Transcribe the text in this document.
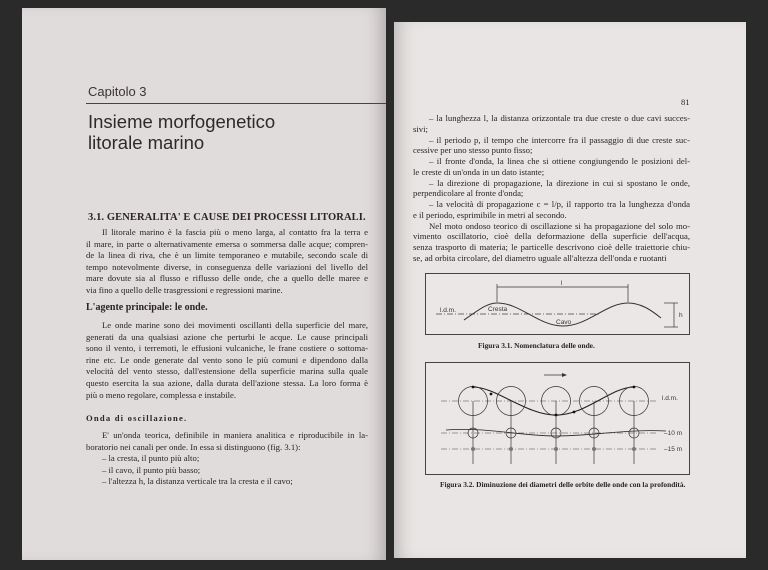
Capitolo 3
Insieme morfogenetico
litorale marino
3.1. GENERALITA' E CAUSE DEI PROCESSI LITORALI.
Il litorale marino è la fascia più o meno larga, al contatto fra la terra e
il mare, in parte o alternativamente emersa o sommersa dalle acque; compren-
de la linea di riva, che è un limite temporaneo e mutabile, secondo scale di
tempo notevolmente diverse, in conseguenza delle variazioni del livello del
mare dovute sia al flusso e riflusso delle onde, che a quello delle maree e
via fino a quello delle trasgressioni e regressioni marine.
L'agente principale: le onde.
Le onde marine sono dei movimenti oscillanti della superficie del mare,
generati da una qualsiasi azione che perturbi le acque. Le cause principali
sono il vento, i terremoti, le effusioni vulcaniche, le frane costiere o sottoma-
rine etc. Le onde generate dal vento sono le più comuni e dipendono dalla
velocità del vento stesso, dall'estensione della superficie marina sulla quale
questo esercita la sua azione, dalla durata dell'azione stessa. La loro forma è
più o meno regolare, complessa e instabile.
Onda di oscillazione.
E' un'onda teorica, definibile in maniera analitica e riproducibile in la-
boratorio nei canali per onde. In essa si distinguono (fig. 3.1):
– la cresta, il punto più alto;
– il cavo, il punto più basso;
– l'altezza h, la distanza verticale tra la cresta e il cavo;
81
– la lunghezza l, la distanza orizzontale tra due creste o due cavi succes-
sivi;
– il periodo p, il tempo che intercorre fra il passaggio di due creste suc-
cessive per uno stesso punto fisso;
– il fronte d'onda, la linea che si ottiene congiungendo le posizioni del-
le creste di un'onda in un dato istante;
– la direzione di propagazione, la direzione in cui si spostano le onde,
perpendicolare al fronte d'onda;
– la velocità di propagazione c = l/p, il rapporto tra la lunghezza d'onda
e il periodo, esprimibile in metri al secondo.
Nel moto ondoso teorico di oscillazione si ha propagazione del solo mo-
vimento oscillatorio, cioè della deformazione della superficie dell'acqua,
senza trasporto di materia; le particelle descrivono cioè delle traiettorie chiu-
se, ad orbita circolare, del diametro uguale all'altezza dell'onda e ruotanti
l.d.m.	Cresta
Cavo
l
h
Figura 3.1. Nomenclatura delle onde.
l.d.m.
–10 m
–15 m
Figura 3.2. Diminuzione dei diametri delle orbite delle onde con la profondità.
